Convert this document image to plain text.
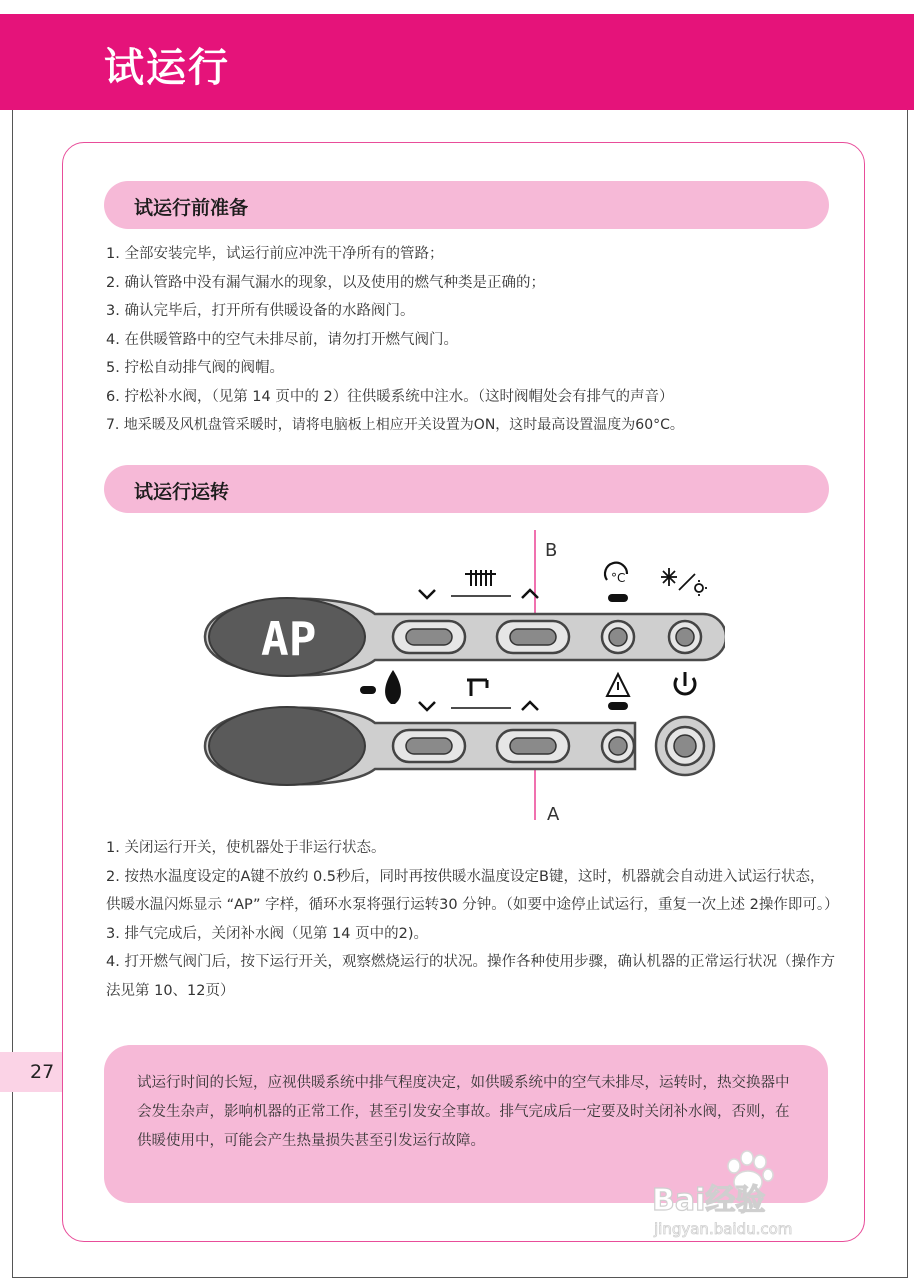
试运行
试运行前准备
1. 全部安装完毕，试运行前应冲洗干净所有的管路；
2. 确认管路中没有漏气漏水的现象，以及使用的燃气种类是正确的；
3. 确认完毕后，打开所有供暖设备的水路阀门。
4. 在供暖管路中的空气未排尽前，请勿打开燃气阀门。
5. 拧松自动排气阀的阀帽。
6. 拧松补水阀，（见第 14 页中的 2）往供暖系统中注水。（这时阀帽处会有排气的声音）
7. 地采暖及风机盘管采暖时，请将电脑板上相应开关设置为ON，这时最高设置温度为60°C。
试运行运转
B
A
AP
°C
1. 关闭运行开关，使机器处于非运行状态。
2. 按热水温度设定的A键不放约 0.5秒后，同时再按供暖水温度设定B键，这时，机器就会自动进入试运行状态，供暖水温闪烁显示 “AP” 字样，循环水泵将强行运转30 分钟。（如要中途停止试运行，重复一次上述 2操作即可。）
3. 排气完成后，关闭补水阀（见第 14 页中的2)。
4. 打开燃气阀门后，按下运行开关，观察燃烧运行的状况。操作各种使用步骤，确认机器的正常运行状况（操作方法见第 10、12页）
27	试运行时间的长短，应视供暖系统中排气程度决定，如供暖系统中的空气未排尽，运转时，热交换器中会发生杂声，影响机器的正常工作，甚至引发安全事故。排气完成后一定要及时关闭补水阀，否则，在供暖使用中，可能会产生热量损失甚至引发运行故障。
Bai经验
jingyan.baidu.com
